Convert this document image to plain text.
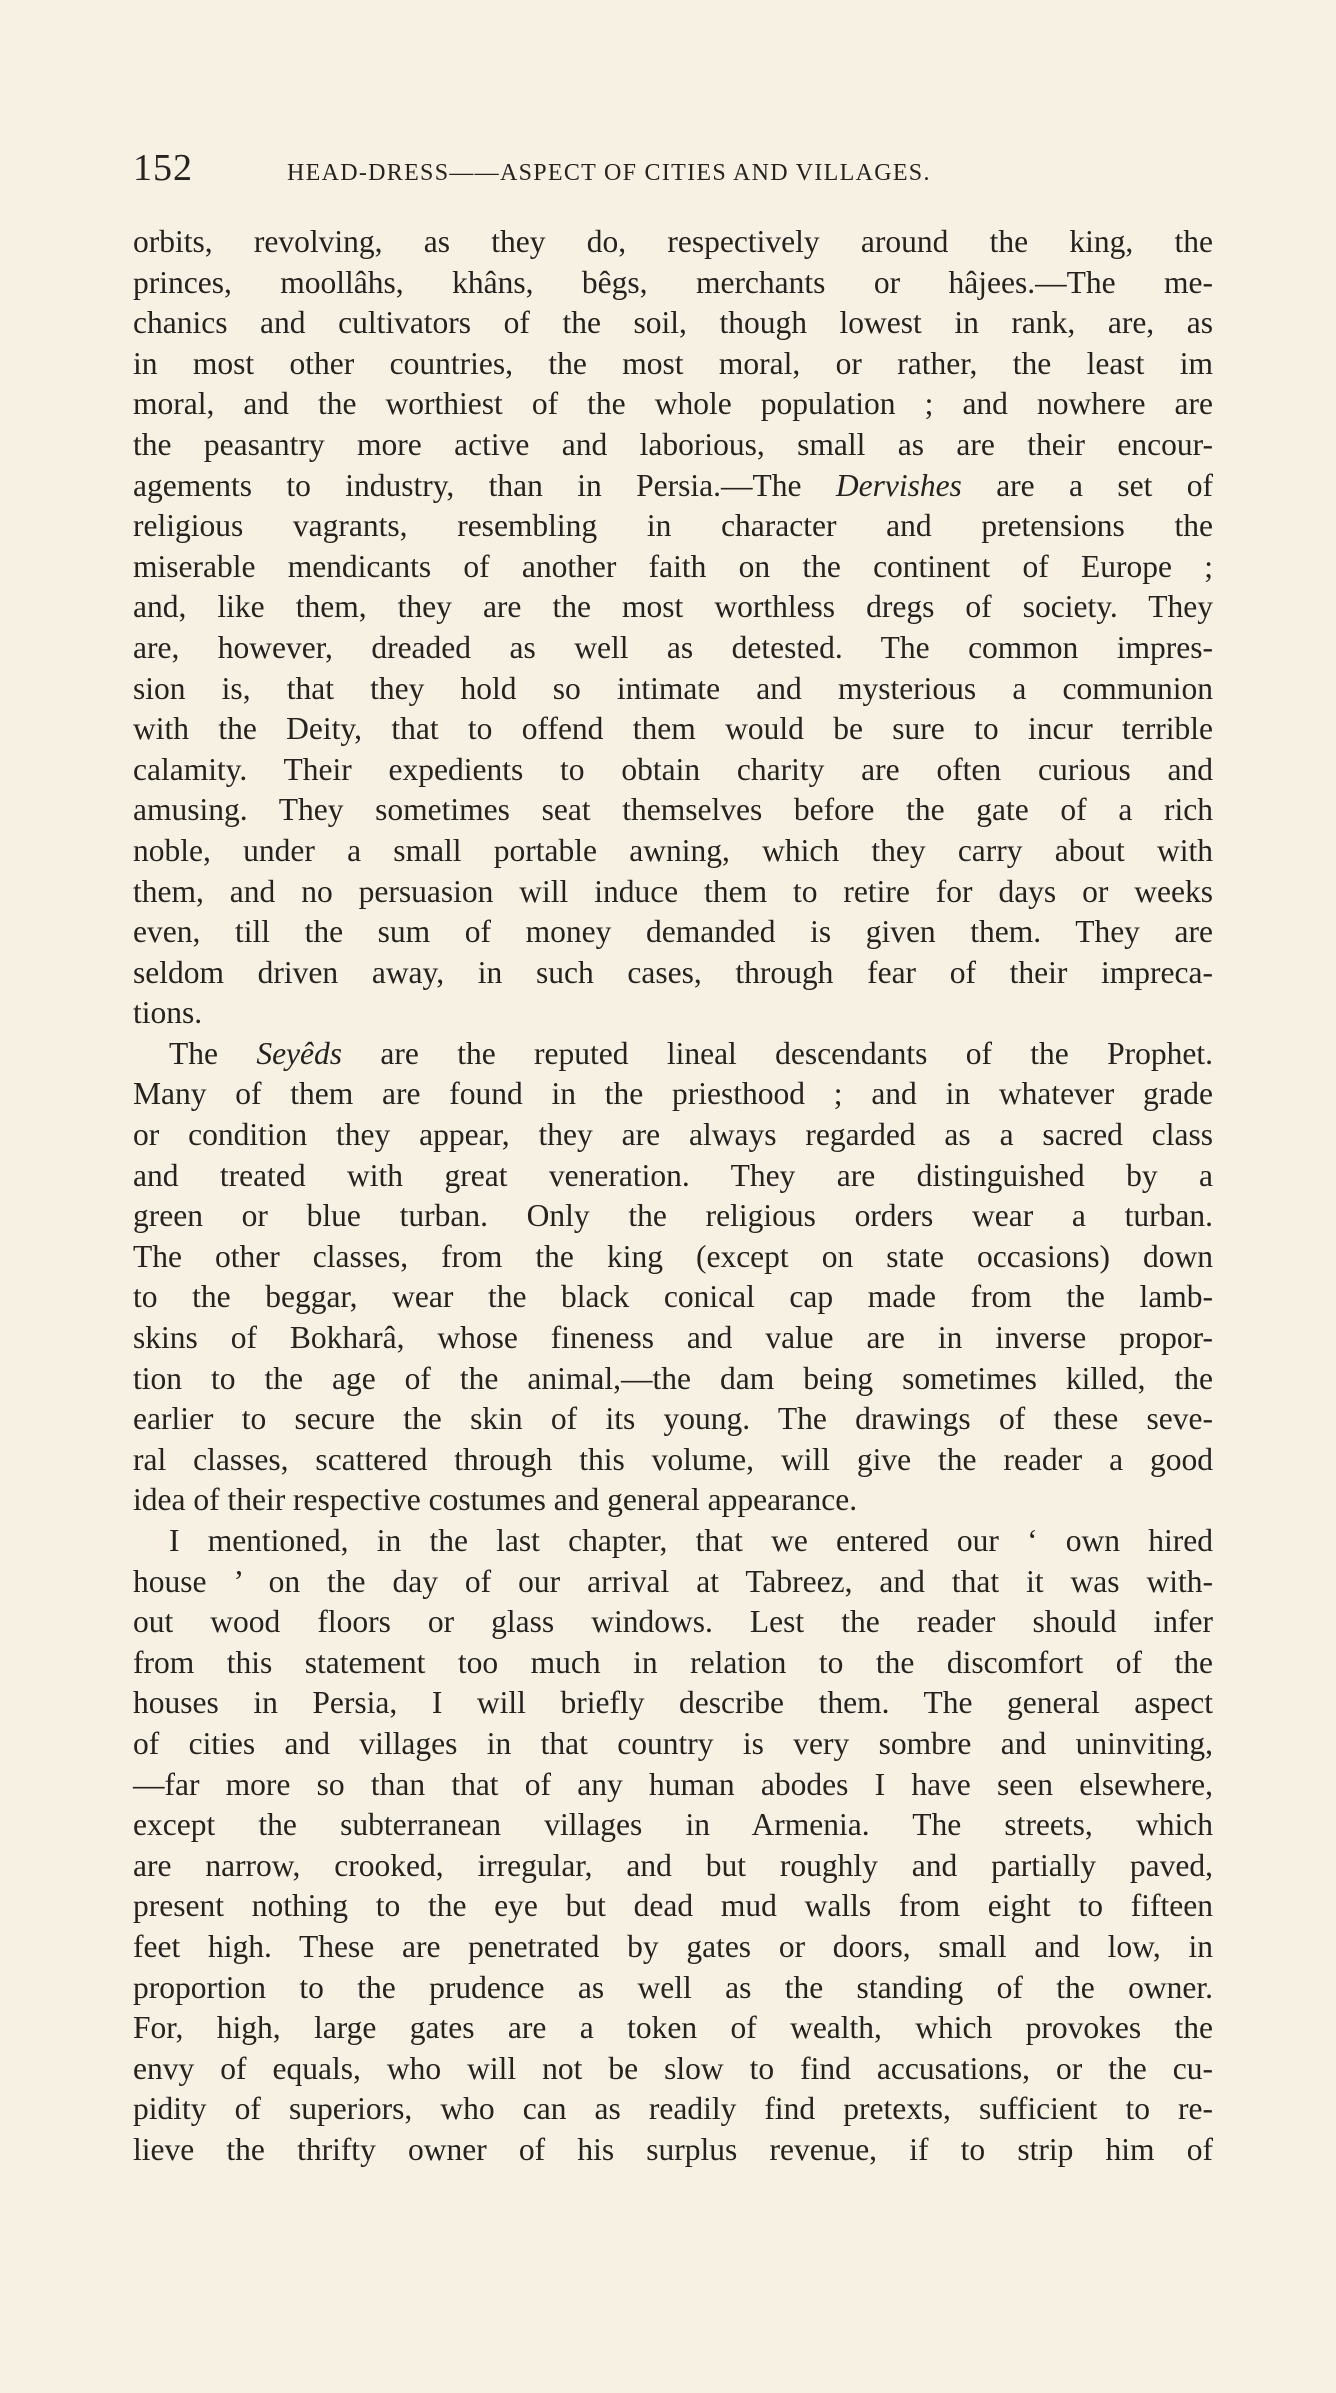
152	HEAD-DRESS——ASPECT OF CITIES AND VILLAGES.
orbits, revolving, as they do, respectively around the king, the
princes, moollâhs, khâns, bêgs, merchants or hâjees.—The me-
chanics and cultivators of the soil, though lowest in rank, are, as
in most other countries, the most moral, or rather, the least im
moral, and the worthiest of the whole population ; and nowhere are
the peasantry more active and laborious, small as are their encour-
agements to industry, than in Persia.—The Dervishes are a set of
religious vagrants, resembling in character and pretensions the
miserable mendicants of another faith on the continent of Europe ;
and, like them, they are the most worthless dregs of society. They
are, however, dreaded as well as detested. The common impres-
sion is, that they hold so intimate and mysterious a communion
with the Deity, that to offend them would be sure to incur terrible
calamity. Their expedients to obtain charity are often curious and
amusing. They sometimes seat themselves before the gate of a rich
noble, under a small portable awning, which they carry about with
them, and no persuasion will induce them to retire for days or weeks
even, till the sum of money demanded is given them. They are
seldom driven away, in such cases, through fear of their impreca-
tions.
The Seyêds are the reputed lineal descendants of the Prophet.
Many of them are found in the priesthood ; and in whatever grade
or condition they appear, they are always regarded as a sacred class
and treated with great veneration. They are distinguished by a
green or blue turban. Only the religious orders wear a turban.
The other classes, from the king (except on state occasions) down
to the beggar, wear the black conical cap made from the lamb-
skins of Bokharâ, whose fineness and value are in inverse propor-
tion to the age of the animal,—the dam being sometimes killed, the
earlier to secure the skin of its young. The drawings of these seve-
ral classes, scattered through this volume, will give the reader a good
idea of their respective costumes and general appearance.
I mentioned, in the last chapter, that we entered our ‘ own hired
house ’ on the day of our arrival at Tabreez, and that it was with-
out wood floors or glass windows. Lest the reader should infer
from this statement too much in relation to the discomfort of the
houses in Persia, I will briefly describe them. The general aspect
of cities and villages in that country is very sombre and uninviting,
—far more so than that of any human abodes I have seen elsewhere,
except the subterranean villages in Armenia. The streets, which
are narrow, crooked, irregular, and but roughly and partially paved,
present nothing to the eye but dead mud walls from eight to fifteen
feet high. These are penetrated by gates or doors, small and low, in
proportion to the prudence as well as the standing of the owner.
For, high, large gates are a token of wealth, which provokes the
envy of equals, who will not be slow to find accusations, or the cu-
pidity of superiors, who can as readily find pretexts, sufficient to re-
lieve the thrifty owner of his surplus revenue, if to strip him of
